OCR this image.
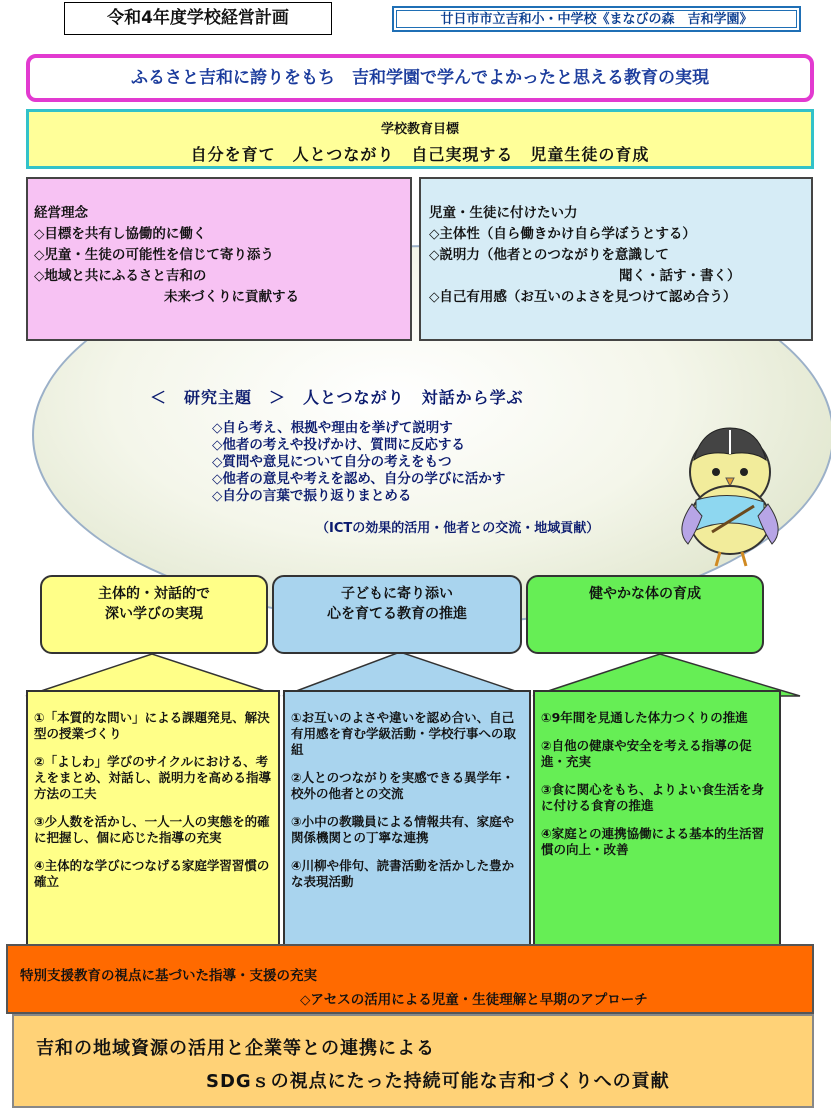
令和4年度学校経営計画	廿日市市立吉和小・中学校《まなびの森　吉和学園》
ふるさと吉和に誇りをもち　吉和学園で学んでよかったと思える教育の実現
学校教育目標
自分を育て　人とつながり　自己実現する　児童生徒の育成
経営理念
◇目標を共有し協働的に働く
◇児童・生徒の可能性を信じて寄り添う
◇地域と共にふるさと吉和の
未来づくりに貢献する
児童・生徒に付けたい力
◇主体性（自ら働きかけ自ら学ぼうとする）
◇説明力（他者とのつながりを意識して
聞く・話す・書く）
◇自己有用感（お互いのよさを見つけて認め合う）
＜　研究主題　＞　人とつながり　対話から学ぶ
◇自ら考え、根拠や理由を挙げて説明す
◇他者の考えや投げかけ、質問に反応する
◇質問や意見について自分の考えをもつ
◇他者の意見や考えを認め、自分の学びに活かす
◇自分の言葉で振り返りまとめる
（ICTの効果的活用・他者との交流・地域貢献）
主体的・対話的で
深い学びの実現
子どもに寄り添い
心を育てる教育の推進
健やかな体の育成

①「本質的な問い」による課題発見、解決型の授業づくり

②「よしわ」学びのサイクルにおける、考えをまとめ、対話し、説明力を高める指導方法の工夫

③少人数を活かし、一人一人の実態を的確に把握し、個に応じた指導の充実

④主体的な学びにつなげる家庭学習習慣の確立

①お互いのよさや違いを認め合い、自己有用感を育む学級活動・学校行事への取組

②人とのつながりを実感できる異学年・校外の他者との交流

③小中の教職員による情報共有、家庭や関係機関との丁寧な連携

④川柳や俳句、読書活動を活かした豊かな表現活動

①9年間を見通した体力つくりの推進

②自他の健康や安全を考える指導の促進・充実

③食に関心をもち、よりよい食生活を身に付ける食育の推進

④家庭との連携協働による基本的生活習慣の向上・改善

特別支援教育の視点に基づいた指導・支援の充実
◇アセスの活用による児童・生徒理解と早期のアプローチ
吉和の地域資源の活用と企業等との連携による
SDGｓの視点にたった持続可能な吉和づくりへの貢献
